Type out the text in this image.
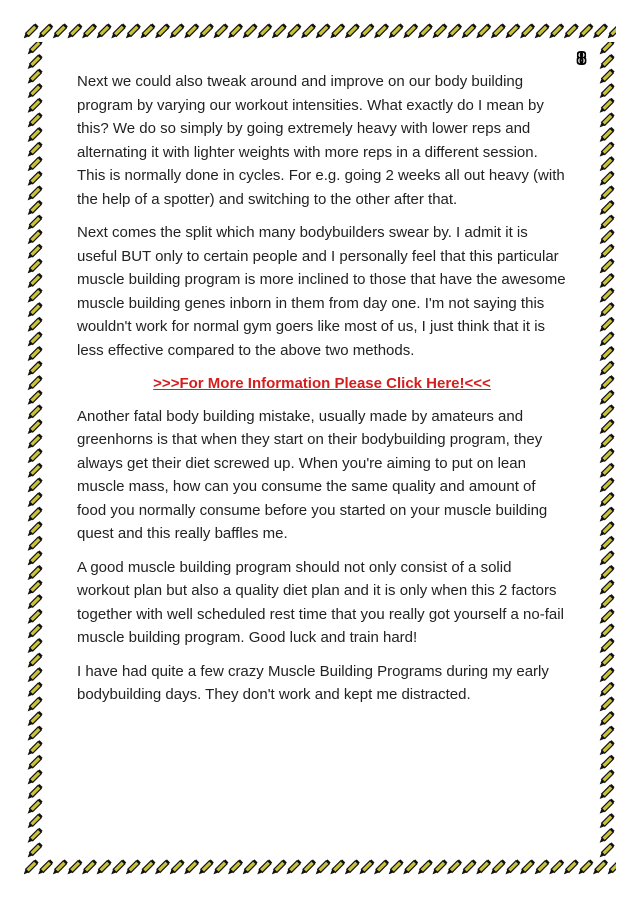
8

Next we could also tweak around and improve on our body building program by varying our workout intensities. What exactly do I mean by this? We do so simply by going extremely heavy with lower reps and alternating it with lighter weights with more reps in a different session. This is normally done in cycles. For e.g. going 2 weeks all out heavy (with the help of a spotter) and switching to the other after that.

Next comes the split which many bodybuilders swear by. I admit it is useful BUT only to certain people and I personally feel that this particular muscle building program is more inclined to those that have the awesome muscle building genes inborn in them from day one. I'm not saying this wouldn't work for normal gym goers like most of us, I just think that it is less effective compared to the above two methods.

>>>For More Information Please Click Here!<<<

Another fatal body building mistake, usually made by amateurs and greenhorns is that when they start on their bodybuilding program, they always get their diet screwed up. When you're aiming to put on lean muscle mass, how can you consume the same quality and amount of food you normally consume before you started on your muscle building quest and this really baffles me.

A good muscle building program should not only consist of a solid workout plan but also a quality diet plan and it is only when this 2 factors together with well scheduled rest time that you really got yourself a no-fail muscle building program. Good luck and train hard!

I have had quite a few crazy Muscle Building Programs during my early bodybuilding days. They don't work and kept me distracted.
